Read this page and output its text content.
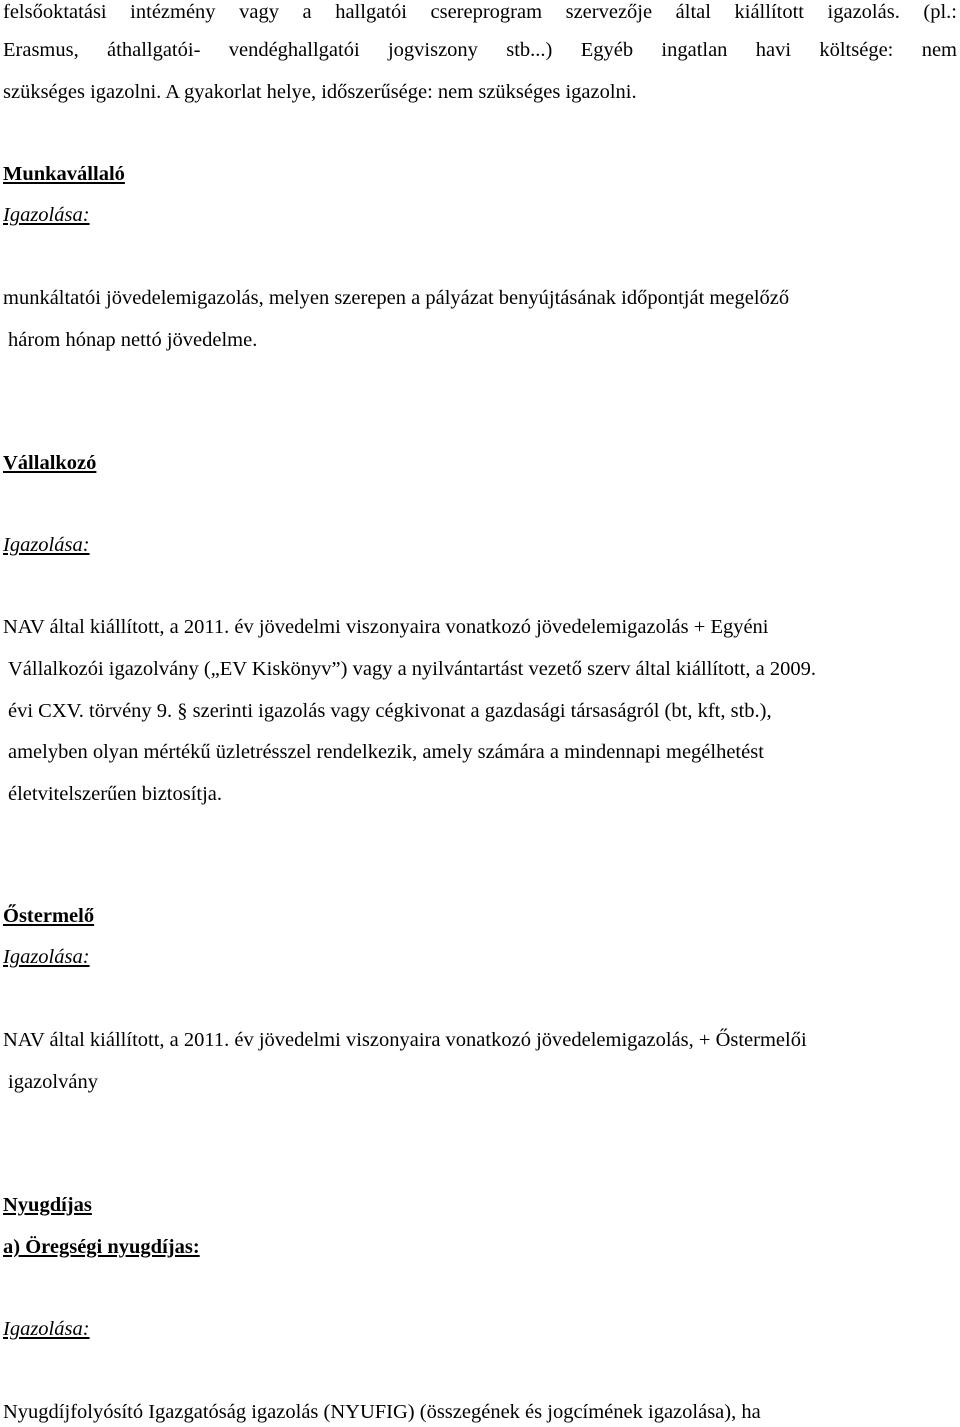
felsőoktatási intézmény vagy a hallgatói csereprogram szervezője által kiállított igazolás. (pl.:
Erasmus, áthallgatói- vendéghallgatói jogviszony stb...) Egyéb ingatlan havi költsége: nem
szükséges igazolni. A gyakorlat helye, időszerűsége: nem szükséges igazolni.
Munkavállaló
Igazolása:
munkáltatói jövedelemigazolás, melyen szerepen a pályázat benyújtásának időpontját megelőző
három hónap nettó jövedelme.
Vállalkozó
Igazolása:
NAV által kiállított, a 2011. év jövedelmi viszonyaira vonatkozó jövedelemigazolás + Egyéni
Vállalkozói igazolvány („EV Kiskönyv”) vagy a nyilvántartást vezető szerv által kiállított, a 2009.
évi CXV. törvény 9. § szerinti igazolás vagy cégkivonat a gazdasági társaságról (bt, kft, stb.),
amelyben olyan mértékű üzletrésszel rendelkezik, amely számára a mindennapi megélhetést
életvitelszerűen biztosítja.
Őstermelő
Igazolása:
NAV által kiállított, a 2011. év jövedelmi viszonyaira vonatkozó jövedelemigazolás, + Őstermelői
igazolvány
Nyugdíjas
a) Öregségi nyugdíjas:
Igazolása:
Nyugdíjfolyósító Igazgatóság igazolás (NYUFIG) (összegének és jogcímének igazolása), ha
